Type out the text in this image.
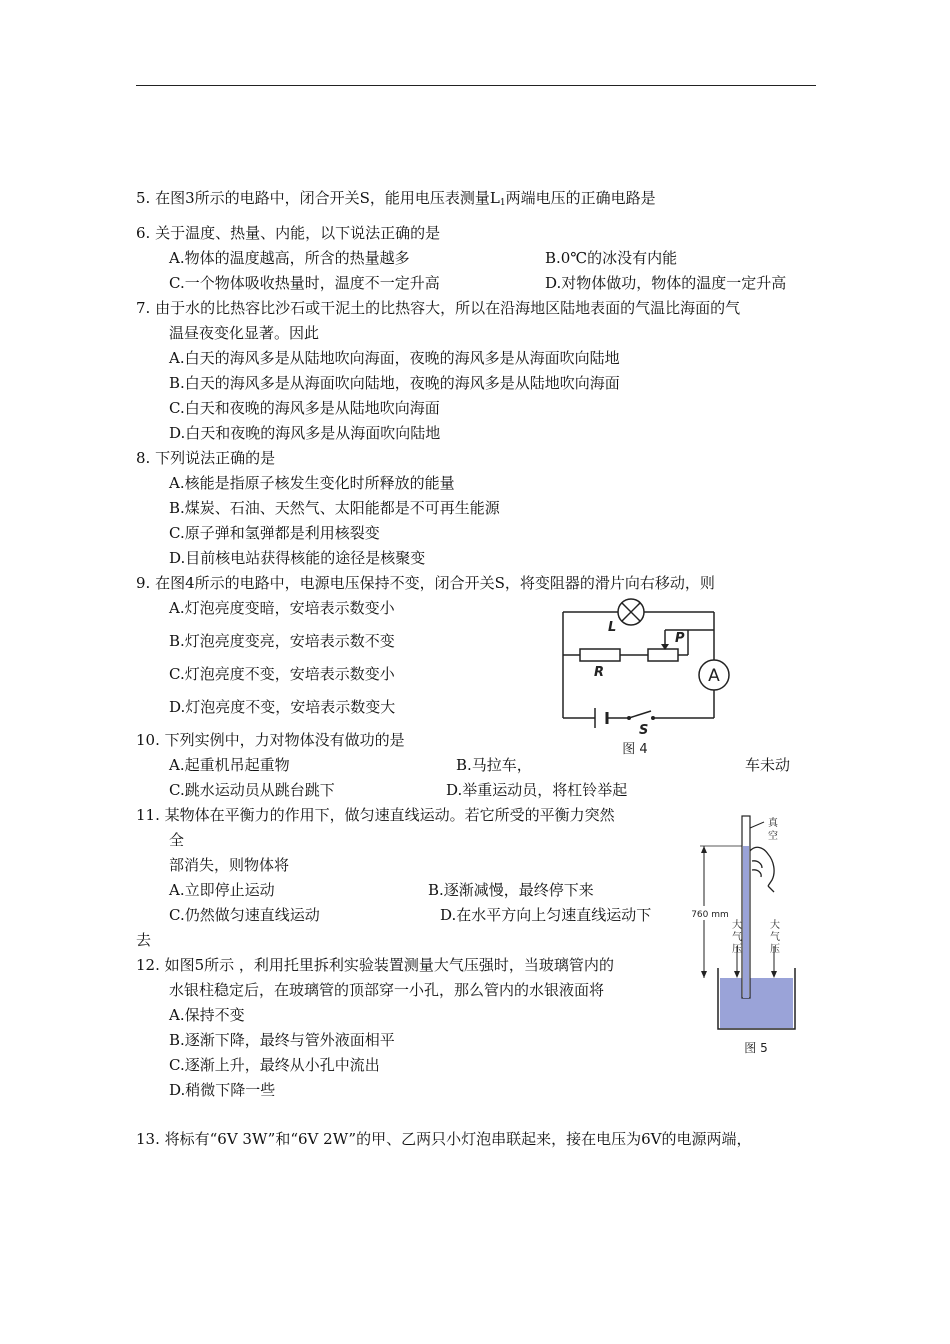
5. 在图3所示的电路中，闭合开关S，能用电压表测量$L_1$两端电压的正确电路是
6. 关于温度、热量、内能，以下说法正确的是
A.物体的温度越高，所含的热量越多	B.0℃的冰没有内能
C.一个物体吸收热量时，温度不一定升高	D.对物体做功，物体的温度一定升高
7. 由于水的比热容比沙石或干泥土的比热容大，所以在沿海地区陆地表面的气温比海面的气
温昼夜变化显著。因此
A.白天的海风多是从陆地吹向海面，夜晚的海风多是从海面吹向陆地
B.白天的海风多是从海面吹向陆地，夜晚的海风多是从陆地吹向海面
C.白天和夜晚的海风多是从陆地吹向海面
D.白天和夜晚的海风多是从海面吹向陆地
8. 下列说法正确的是
A.核能是指原子核发生变化时所释放的能量
B.煤炭、石油、天然气、太阳能都是不可再生能源
C.原子弹和氢弹都是利用核裂变
D.目前核电站获得核能的途径是核聚变
9. 在图4所示的电路中，电源电压保持不变，闭合开关S，将变阻器的滑片向右移动，则
A.灯泡亮度变暗，安培表示数变小
B.灯泡亮度变亮，安培表示数不变
C.灯泡亮度不变，安培表示数变小
D.灯泡亮度不变，安培表示数变大
A
L
P
R
S
图 4
10. 下列实例中，力对物体没有做功的是
A.起重机吊起重物	B.马拉车，	车未动
C.跳水运动员从跳台跳下	D.举重运动员，将杠铃举起
11. 某物体在平衡力的作用下，做匀速直线运动。若它所受的平衡力突然
全
部消失，则物体将
A.立即停止运动	B.逐渐减慢，最终停下来
C.仍然做匀速直线运动	D.在水平方向上匀速直线运动下
去
12. 如图5所示 ，利用托里拆利实验装置测量大气压强时，当玻璃管内的
水银柱稳定后，在玻璃管的顶部穿一小孔，那么管内的水银液面将
A.保持不变
B.逐渐下降，最终与管外液面相平
C.逐渐上升，最终从小孔中流出
D.稍微下降一些
真
空
760 mm
大
气
压
大
气
压
图 5
13. 将标有“6V 3W”和“6V 2W”的甲、乙两只小灯泡串联起来，接在电压为6V的电源两端，
